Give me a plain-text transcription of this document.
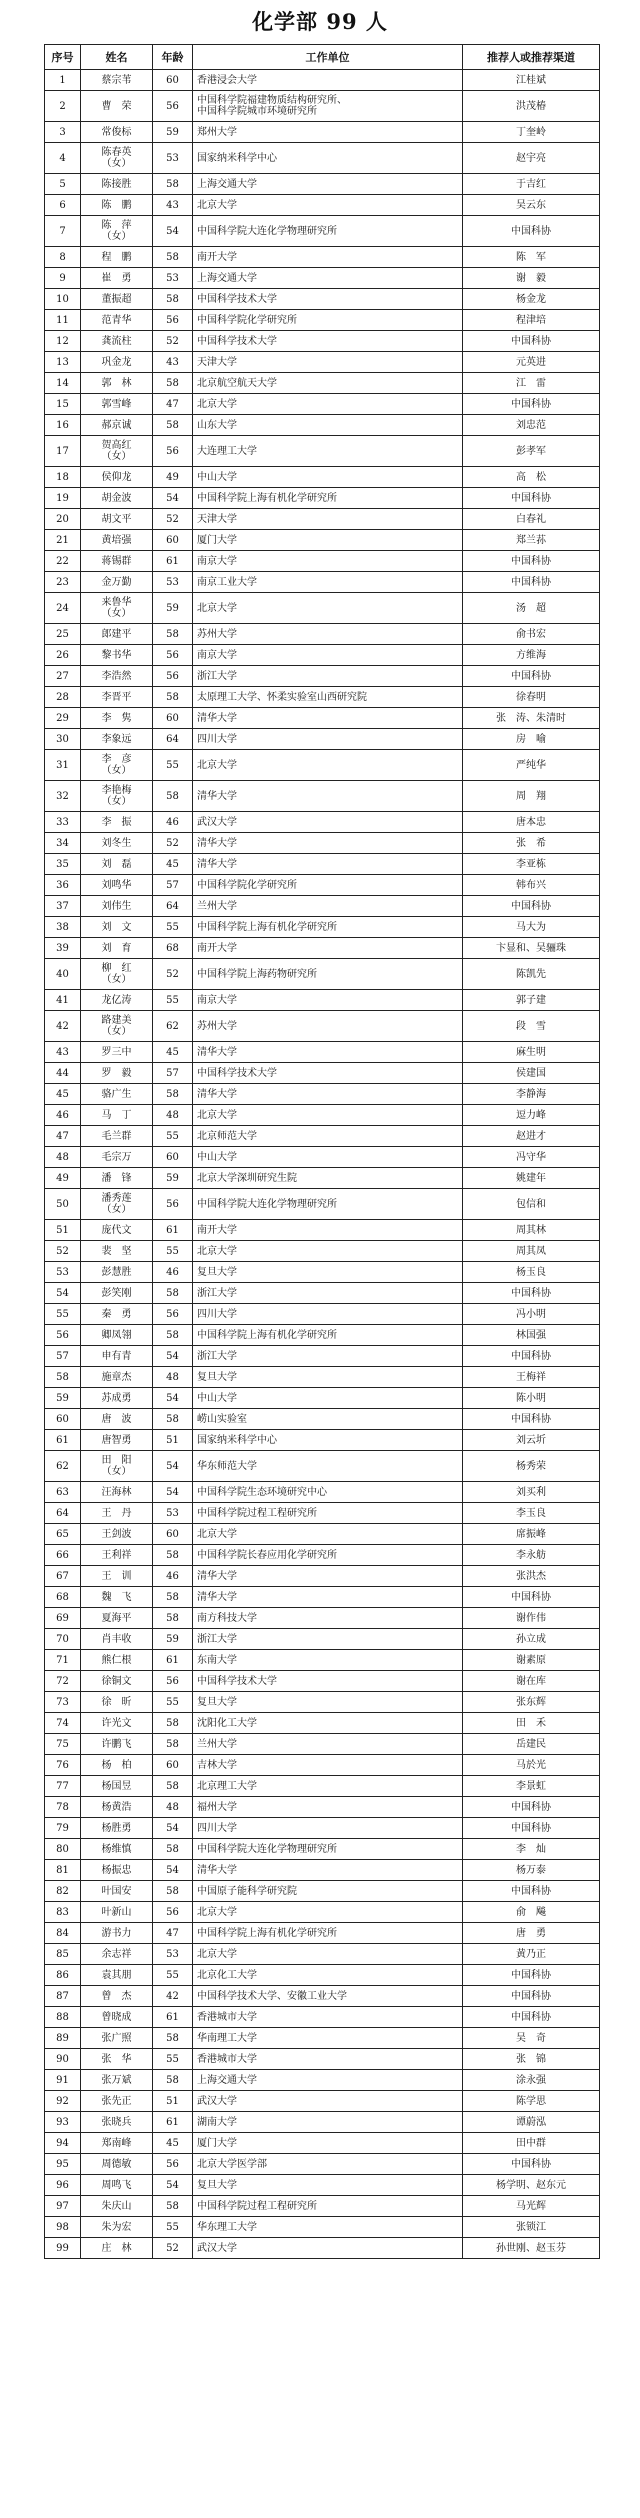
化学部 99 人
序号	姓名	年龄	工作单位	推荐人或推荐渠道
1	蔡宗苇	60	香港浸会大学	江桂斌
2	曹　荣	56	中国科学院福建物质结构研究所、
中国科学院城市环境研究所	洪茂椿
3	常俊标	59	郑州大学	丁奎岭
4	陈春英
（女）	53	国家纳米科学中心	赵宇亮
5	陈接胜	58	上海交通大学	于吉红
6	陈　鹏	43	北京大学	吴云东
7	陈　萍
（女）	54	中国科学院大连化学物理研究所	中国科协
8	程　鹏	58	南开大学	陈　军
9	崔　勇	53	上海交通大学	谢　毅
10	董振超	58	中国科学技术大学	杨金龙
11	范青华	56	中国科学院化学研究所	程津培
12	龚流柱	52	中国科学技术大学	中国科协
13	巩金龙	43	天津大学	元英进
14	郭　林	58	北京航空航天大学	江　雷
15	郭雪峰	47	北京大学	中国科协
16	郝京诚	58	山东大学	刘忠范
17	贺高红
（女）	56	大连理工大学	彭孝军
18	侯仰龙	49	中山大学	高　松
19	胡金波	54	中国科学院上海有机化学研究所	中国科协
20	胡文平	52	天津大学	白春礼
21	黄培强	60	厦门大学	郑兰荪
22	蒋锡群	61	南京大学	中国科协
23	金万勤	53	南京工业大学	中国科协
24	来鲁华
（女）	59	北京大学	汤　超
25	郎建平	58	苏州大学	俞书宏
26	黎书华	56	南京大学	方维海
27	李浩然	56	浙江大学	中国科协
28	李晋平	58	太原理工大学、怀柔实验室山西研究院	徐春明
29	李　隽	60	清华大学	张　涛、朱清时
30	李象远	64	四川大学	房　喻
31	李　彦
（女）	55	北京大学	严纯华
32	李艳梅
（女）	58	清华大学	周　翔
33	李　振	46	武汉大学	唐本忠
34	刘冬生	52	清华大学	张　希
35	刘　磊	45	清华大学	李亚栋
36	刘鸣华	57	中国科学院化学研究所	韩布兴
37	刘伟生	64	兰州大学	中国科协
38	刘　文	55	中国科学院上海有机化学研究所	马大为
39	刘　育	68	南开大学	卞显和、吴骊珠
40	柳　红
（女）	52	中国科学院上海药物研究所	陈凯先
41	龙亿涛	55	南京大学	郭子建
42	路建美
（女）	62	苏州大学	段　雪
43	罗三中	45	清华大学	麻生明
44	罗　毅	57	中国科学技术大学	侯建国
45	骆广生	58	清华大学	李静海
46	马　丁	48	北京大学	逗力峰
47	毛兰群	55	北京师范大学	赵进才
48	毛宗万	60	中山大学	冯守华
49	潘　锋	59	北京大学深圳研究生院	姚建年
50	潘秀莲
（女）	56	中国科学院大连化学物理研究所	包信和
51	庞代文	61	南开大学	周其林
52	裴　坚	55	北京大学	周其凤
53	彭慧胜	46	复旦大学	杨玉良
54	彭笑刚	58	浙江大学	中国科协
55	秦　勇	56	四川大学	冯小明
56	卿凤翎	58	中国科学院上海有机化学研究所	林国强
57	申有青	54	浙江大学	中国科协
58	施章杰	48	复旦大学	王梅祥
59	苏成勇	54	中山大学	陈小明
60	唐　波	58	崂山实验室	中国科协
61	唐智勇	51	国家纳米科学中心	刘云圻
62	田　阳
（女）	54	华东师范大学	杨秀荣
63	汪海林	54	中国科学院生态环境研究中心	刘买利
64	王　丹	53	中国科学院过程工程研究所	李玉良
65	王剑波	60	北京大学	席振峰
66	王利祥	58	中国科学院长春应用化学研究所	李永舫
67	王　训	46	清华大学	张洪杰
68	魏　飞	58	清华大学	中国科协
69	夏海平	58	南方科技大学	谢作伟
70	肖丰收	59	浙江大学	孙立成
71	熊仁根	61	东南大学	谢素原
72	徐铜文	56	中国科学技术大学	谢在库
73	徐　昕	55	复旦大学	张东辉
74	许光文	58	沈阳化工大学	田　禾
75	许鹏飞	58	兰州大学	岳建民
76	杨　柏	60	吉林大学	马於光
77	杨国昱	58	北京理工大学	李景虹
78	杨黄浩	48	福州大学	中国科协
79	杨胜勇	54	四川大学	中国科协
80	杨维慎	58	中国科学院大连化学物理研究所	李　灿
81	杨振忠	54	清华大学	杨万泰
82	叶国安	58	中国原子能科学研究院	中国科协
83	叶新山	56	北京大学	俞　飚
84	游书力	47	中国科学院上海有机化学研究所	唐　勇
85	余志祥	53	北京大学	黄乃正
86	袁其朋	55	北京化工大学	中国科协
87	曾　杰	42	中国科学技术大学、安徽工业大学	中国科协
88	曾晓成	61	香港城市大学	中国科协
89	张广照	58	华南理工大学	吴　奇
90	张　华	55	香港城市大学	张　锦
91	张万斌	58	上海交通大学	涂永强
92	张先正	51	武汉大学	陈学思
93	张晓兵	61	湖南大学	谭蔚泓
94	郑南峰	45	厦门大学	田中群
95	周德敏	56	北京大学医学部	中国科协
96	周鸣飞	54	复旦大学	杨学明、赵东元
97	朱庆山	58	中国科学院过程工程研究所	马光辉
98	朱为宏	55	华东理工大学	张锁江
99	庄　林	52	武汉大学	孙世刚、赵玉芬
